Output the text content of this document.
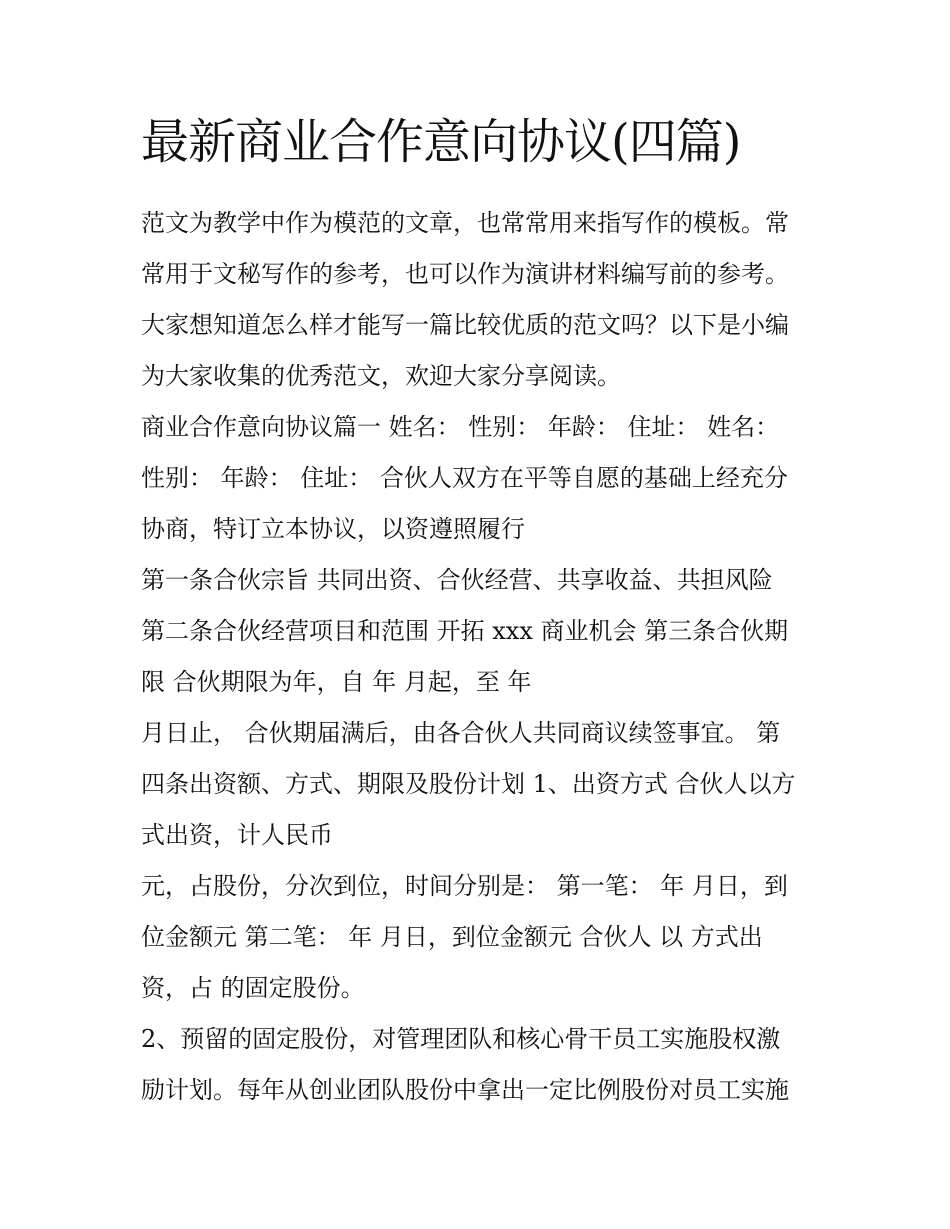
最新商业合作意向协议(四篇)

范文为教学中作为模范的文章，也常常用来指写作的模板。常

常用于文秘写作的参考，也可以作为演讲材料编写前的参考。

大家想知道怎么样才能写一篇比较优质的范文吗？以下是小编

为大家收集的优秀范文，欢迎大家分享阅读。

商业合作意向协议篇一 姓名： 性别： 年龄： 住址： 姓名：

性别： 年龄： 住址： 合伙人双方在平等自愿的基础上经充分

协商，特订立本协议，以资遵照履行

第一条合伙宗旨 共同出资、合伙经营、共享收益、共担风险

第二条合伙经营项目和范围 开拓 xxx 商业机会 第三条合伙期

限 合伙期限为年，自 年 月起，至 年

月日止， 合伙期届满后，由各合伙人共同商议续签事宜。 第

四条出资额、方式、期限及股份计划 1、出资方式 合伙人以方

式出资，计人民币

元，占股份，分次到位，时间分别是： 第一笔： 年 月日，到

位金额元 第二笔： 年 月日，到位金额元 合伙人 以 方式出

资，占 的固定股份。

2、预留的固定股份，对管理团队和核心骨干员工实施股权激

励计划。每年从创业团队股份中拿出一定比例股份对员工实施
